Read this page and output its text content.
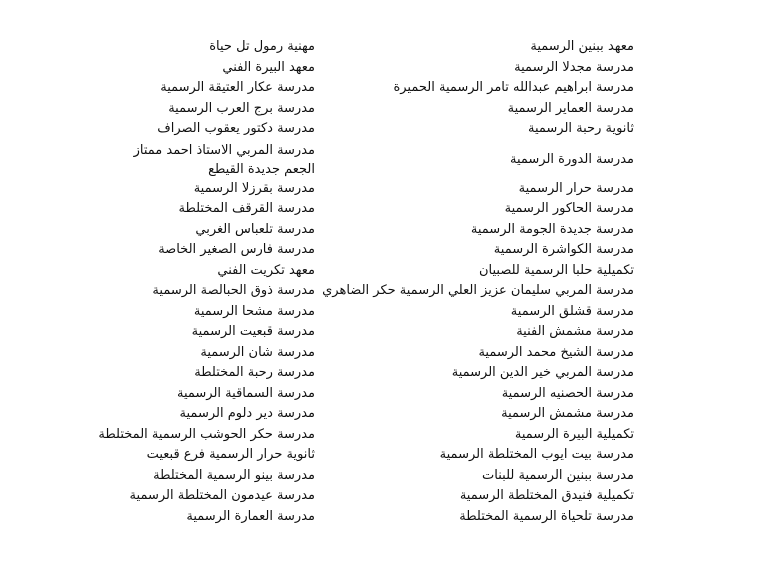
معهد ببنين الرسمية
مدرسة مجدلا الرسمية
مدرسة ابراهيم عبدالله تامر الرسمية الحميرة
مدرسة العماير الرسمية
ثانوية رحبة الرسمية
مدرسة الدورة الرسمية
مدرسة حرار الرسمية
مدرسة الحاكور الرسمية
مدرسة جديدة الجومة الرسمية
مدرسة الكواشرة الرسمية
تكميلية حلبا الرسمية للصبيان
مدرسة المربي سليمان عزيز العلي الرسمية حكر الضاهري
مدرسة قشلق الرسمية
مدرسة مشمش الفنية
مدرسة الشيخ محمد الرسمية
مدرسة المربي خير الدين الرسمية
مدرسة الحصنيه الرسمية
مدرسة مشمش الرسمية
تكميلية البيرة الرسمية
مدرسة بيت ايوب المختلطة الرسمية
مدرسة ببنين الرسمية للبنات
تكميلية فنيدق المختلطة الرسمية
مدرسة تلحياة الرسمية المختلطة
مهنية رمول تل حياة
معهد البيرة الفني
مدرسة عكار العتيقة الرسمية
مدرسة برج العرب الرسمية
مدرسة دكتور يعقوب الصراف
مدرسة المربي الاستاذ احمد ممتاز الجعم جديدة القيطع
مدرسة بقرزلا الرسمية
مدرسة القرقف المختلطة
مدرسة تلعباس الغربي
مدرسة فارس الصغير الخاصة
معهد تكريت الفني
مدرسة ذوق الحبالصة الرسمية
مدرسة مشحا الرسمية
مدرسة قبعيت الرسمية
مدرسة شان الرسمية
مدرسة رحبة المختلطة
مدرسة السماقية الرسمية
مدرسة دير دلوم الرسمية
مدرسة حكر الحوشب الرسمية المختلطة
ثانوية حرار الرسمية فرع قبعيت
مدرسة بينو الرسمية المختلطة
مدرسة عيدمون المختلطة الرسمية
مدرسة العمارة الرسمية
